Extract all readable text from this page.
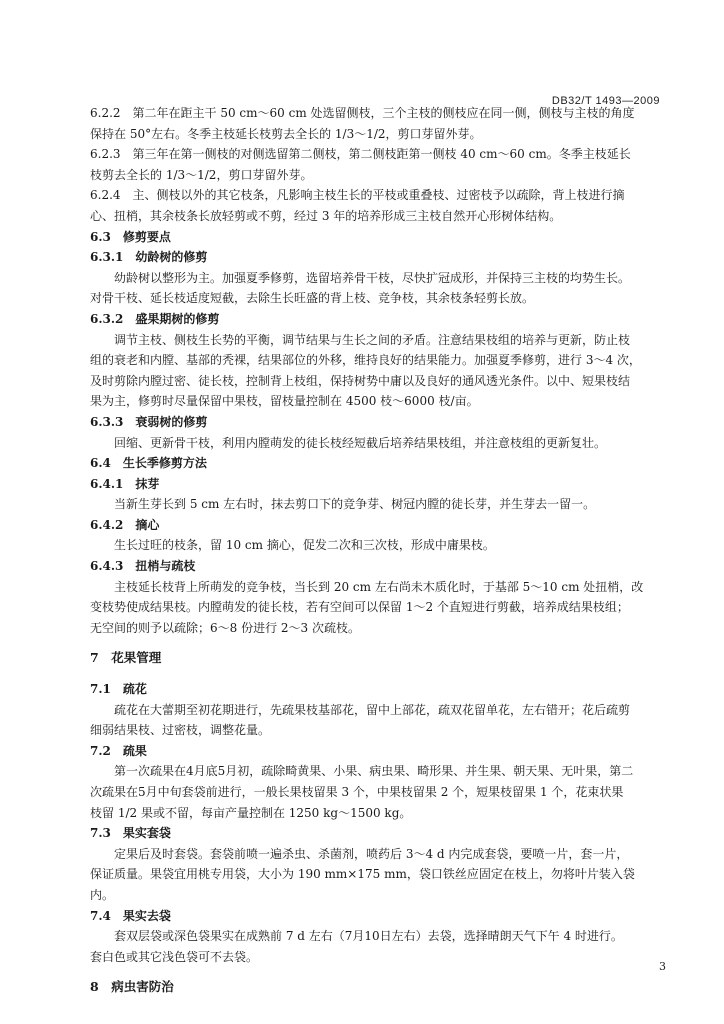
DB32/T 1493—2009
6.2.2　第二年在距主干 50 cm～60 cm 处选留侧枝，三个主枝的侧枝应在同一侧，侧枝与主枝的角度
保持在 50°左右。冬季主枝延长枝剪去全长的 1/3～1/2，剪口芽留外芽。
6.2.3　第三年在第一侧枝的对侧选留第二侧枝，第二侧枝距第一侧枝 40 cm～60 cm。冬季主枝延长
枝剪去全长的 1/3～1/2，剪口芽留外芽。
6.2.4　主、侧枝以外的其它枝条，凡影响主枝生长的平枝或重叠枝、过密枝予以疏除，背上枝进行摘
心、扭梢，其余枝条长放轻剪或不剪，经过 3 年的培养形成三主枝自然开心形树体结构。
6.3　修剪要点
6.3.1　幼龄树的修剪
幼龄树以整形为主。加强夏季修剪，选留培养骨干枝，尽快扩冠成形，并保持三主枝的均势生长。
对骨干枝、延长枝适度短截，去除生长旺盛的背上枝、竞争枝，其余枝条轻剪长放。
6.3.2　盛果期树的修剪
调节主枝、侧枝生长势的平衡，调节结果与生长之间的矛盾。注意结果枝组的培养与更新，防止枝
组的衰老和内膛、基部的秃裸，结果部位的外移，维持良好的结果能力。加强夏季修剪，进行 3～4 次，
及时剪除内膛过密、徒长枝，控制背上枝组，保持树势中庸以及良好的通风透光条件。以中、短果枝结
果为主，修剪时尽量保留中果枝，留枝量控制在 4500 枝～6000 枝/亩。
6.3.3　衰弱树的修剪
回缩、更新骨干枝，利用内膛萌发的徒长枝经短截后培养结果枝组，并注意枝组的更新复壮。
6.4　生长季修剪方法
6.4.1　抹芽
当新生芽长到 5 cm 左右时，抹去剪口下的竞争芽、树冠内膛的徒长芽，并生芽去一留一。
6.4.2　摘心
生长过旺的枝条，留 10 cm 摘心，促发二次和三次枝，形成中庸果枝。
6.4.3　扭梢与疏枝
主枝延长枝背上所萌发的竞争枝，当长到 20 cm 左右尚未木质化时，于基部 5～10 cm 处扭梢，改
变枝势使成结果枝。内膛萌发的徒长枝，若有空间可以保留 1～2 个直短进行剪截，培养成结果枝组；
无空间的则予以疏除；6～8 份进行 2～3 次疏枝。
7　花果管理
7.1　疏花
疏花在大蕾期至初花期进行，先疏果枝基部花，留中上部花，疏双花留单花，左右错开；花后疏剪
细弱结果枝、过密枝，调整花量。
7.2　疏果
第一次疏果在4月底5月初，疏除畸黄果、小果、病虫果、畸形果、并生果、朝天果、无叶果，第二
次疏果在5月中旬套袋前进行，一般长果枝留果 3 个，中果枝留果 2 个，短果枝留果 1 个，花束状果
枝留 1/2 果或不留，每亩产量控制在 1250 kg～1500 kg。
7.3　果实套袋
定果后及时套袋。套袋前喷一遍杀虫、杀菌剂，喷药后 3～4 d 内完成套袋，要喷一片，套一片，
保证质量。果袋宜用桃专用袋，大小为 190 mm×175 mm，袋口铁丝应固定在枝上，勿将叶片装入袋
内。
7.4　果实去袋
套双层袋或深色袋果实在成熟前 7 d 左右（7月10日左右）去袋，选择晴朗天气下午 4 时进行。
套白色或其它浅色袋可不去袋。
8　病虫害防治
3
